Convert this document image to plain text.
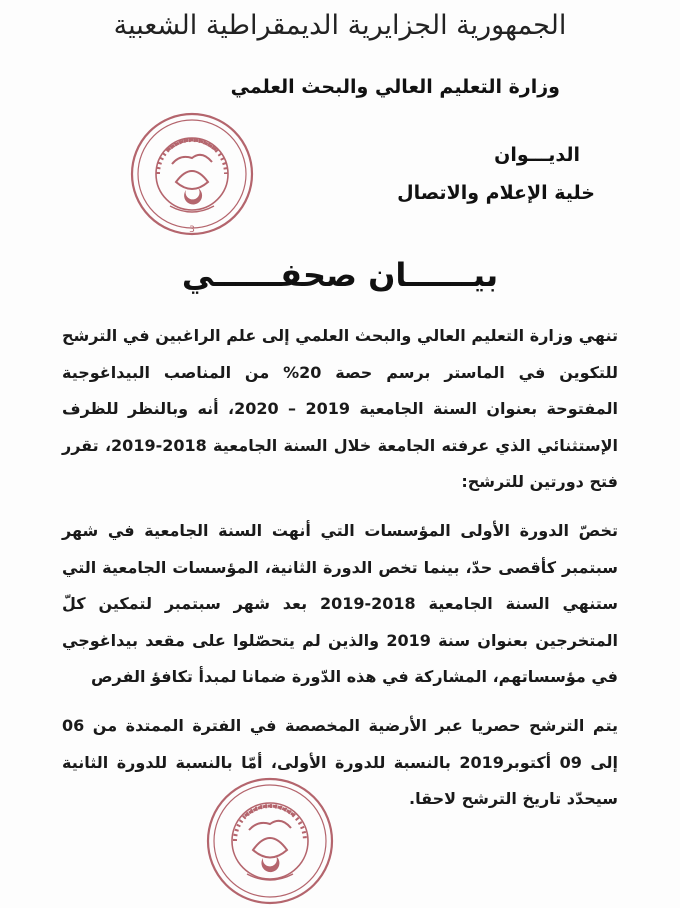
الجمهورية الجزايرية الديمقراطية الشعبية
وزارة التعليم العالي والبحث العلمي
الديـــوان
خلية الإعلام والاتصال
3
بيــــــان صحفــــــي
تنهي وزارة التعليم العالي والبحث العلمي إلى علم الراغبين في الترشح للتكوين في الماستر برسم حصة 20% من المناصب البيداغوجية المفتوحة بعنوان السنة الجامعية 2019 – 2020، أنه وبالنظر للظرف الإستثنائي الذي عرفته الجامعة خلال السنة الجامعية 2018-2019، تقرر فتح دورتين للترشح:
تخصّ الدورة الأولى المؤسسات التي أنهت السنة الجامعية في شهر سبتمبر كأقصى حدّ، بينما تخص الدورة الثانية، المؤسسات الجامعية التي ستنهي السنة الجامعية 2018-2019 بعد شهر سبتمبر لتمكين كلّ المتخرجين بعنوان سنة 2019 والذين لم يتحصّلوا على مقعد بيداغوجي في مؤسساتهم، المشاركة في هذه الدّورة ضمانا لمبدأ تكافؤ الفرص
يتم الترشح حصريا عبر الأرضية المخصصة في الفترة الممتدة من 06 إلى 09 أكتوبر2019 بالنسبة للدورة الأولى، أمّا بالنسبة للدورة الثانية سيحدّد تاريخ الترشح لاحقا.
